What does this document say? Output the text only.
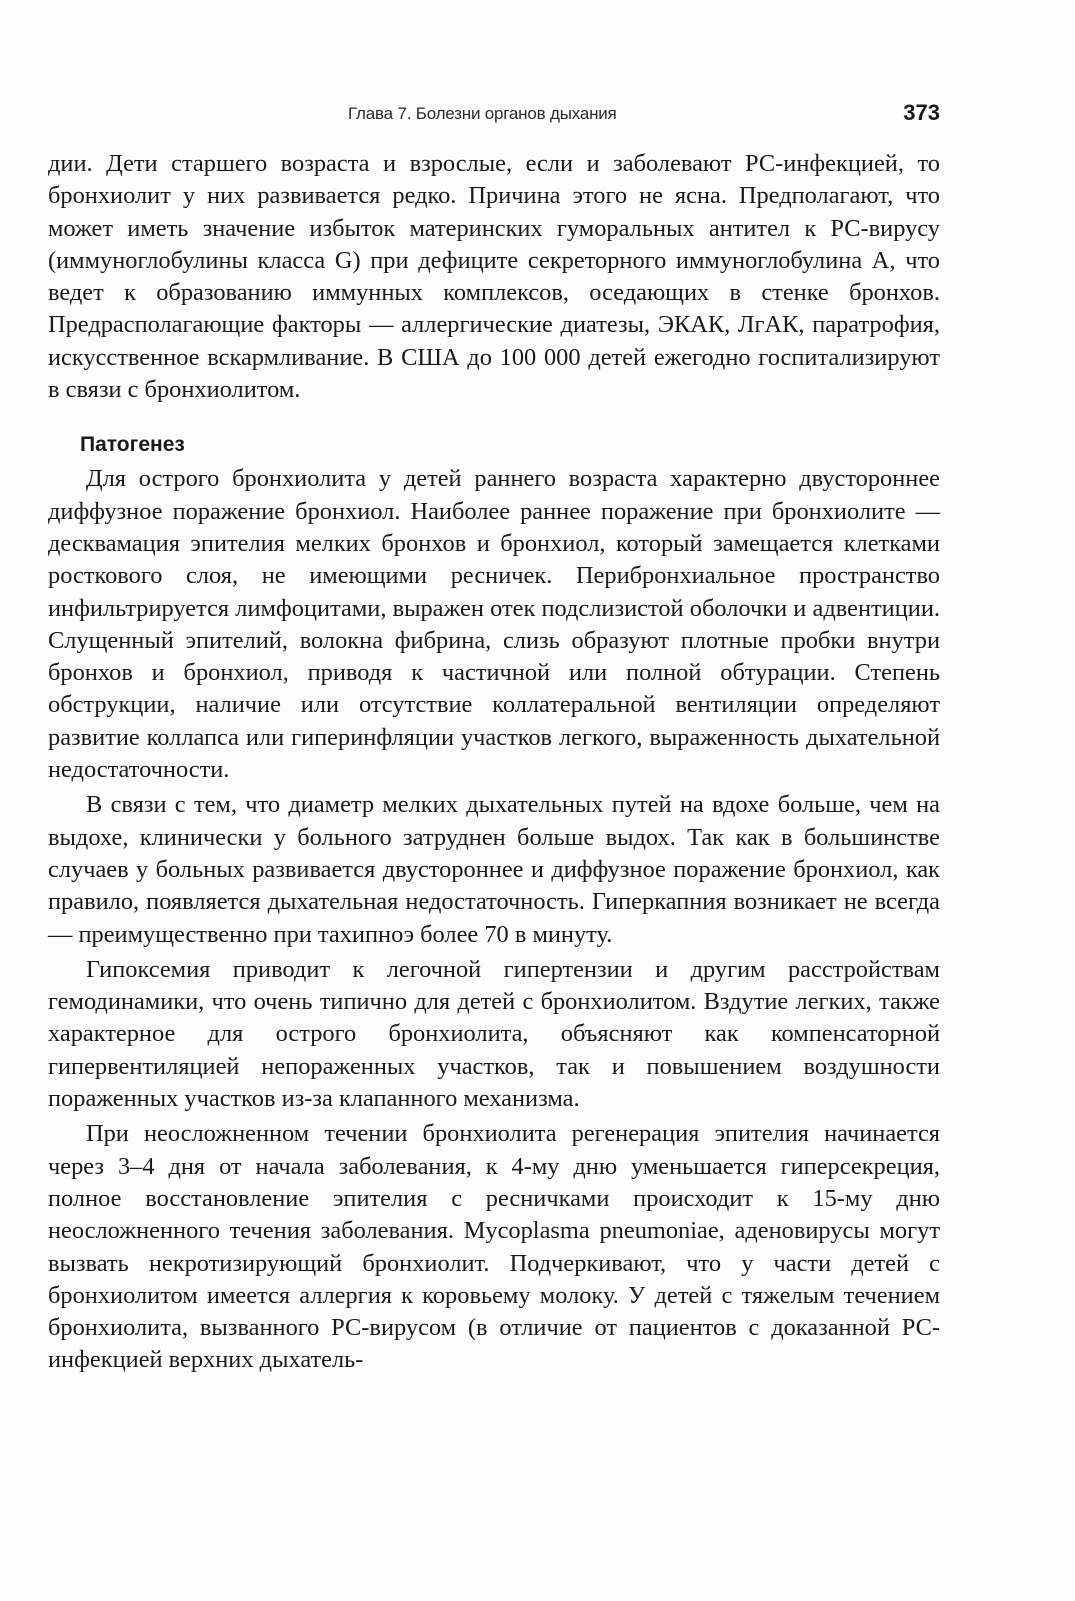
Глава 7. Болезни органов дыхания	373

дии. Дети старшего возраста и взрослые, если и заболевают РС-инфекцией, то бронхиолит у них развивается редко. Причина этого не ясна. Предполагают, что может иметь значение избыток материнских гуморальных антител к РС-вирусу (иммуноглобулины класса G) при дефиците секреторного иммуноглобулина А, что ведет к образованию иммунных комплексов, оседающих в стенке бронхов. Предрасполагающие факторы — аллергические диатезы, ЭКАК, ЛгАК, паратрофия, искусственное вскармливание. В США до 100 000 детей ежегодно госпитализируют в связи с бронхиолитом.

Патогенез

Для острого бронхиолита у детей раннего возраста характерно двустороннее диффузное поражение бронхиол. Наиболее раннее поражение при бронхиолите — десквамация эпителия мелких бронхов и бронхиол, который замещается клетками росткового слоя, не имеющими ресничек. Перибронхиальное пространство инфильтрируется лимфоцитами, выражен отек подслизистой оболочки и адвентиции. Слущенный эпителий, волокна фибрина, слизь образуют плотные пробки внутри бронхов и бронхиол, приводя к частичной или полной обтурации. Степень обструкции, наличие или отсутствие коллатеральной вентиляции определяют развитие коллапса или гиперинфляции участков легкого, выраженность дыхательной недостаточности.

В связи с тем, что диаметр мелких дыхательных путей на вдохе больше, чем на выдохе, клинически у больного затруднен больше выдох. Так как в большинстве случаев у больных развивается двустороннее и диффузное поражение бронхиол, как правило, появляется дыхательная недостаточность. Гиперкапния возникает не всегда — преимущественно при тахипноэ более 70 в минуту.

Гипоксемия приводит к легочной гипертензии и другим расстройствам гемодинамики, что очень типично для детей с бронхиолитом. Вздутие легких, также характерное для острого бронхиолита, объясняют как компенсаторной гипервентиляцией непораженных участков, так и повышением воздушности пораженных участков из-за клапанного механизма.

При неосложненном течении бронхиолита регенерация эпителия начинается через 3–4 дня от начала заболевания, к 4-му дню уменьшается гиперсекреция, полное восстановление эпителия с ресничками происходит к 15-му дню неосложненного течения заболевания. Mycoplasma pneumoniae, аденовирусы могут вызвать некротизирующий бронхиолит. Подчеркивают, что у части детей с бронхиолитом имеется аллергия к коровьему молоку. У детей с тяжелым течением бронхиолита, вызванного РС-вирусом (в отличие от пациентов с доказанной РС-инфекцией верхних дыхатель-
